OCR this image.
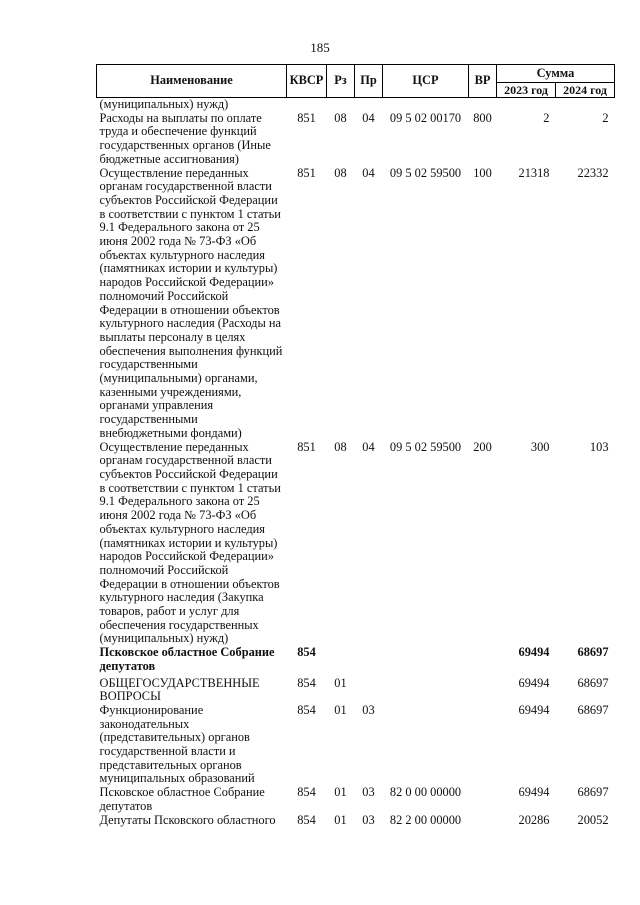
185
Наименование	КВСР	Рз	Пр	ЦСР	ВР	Сумма	
						2023 год	2024 год
(муниципальных) нужд)							
Расходы на выплаты по оплате труда и обеспечение функций государственных органов (Иные бюджетные ассигнования)	851	08	04	09 5 02 00170	800	2	2
Осуществление переданных органам государственной власти субъектов Российской Федерации в соответствии с пунктом 1 статьи 9.1 Федерального закона от 25 июня 2002 года № 73-ФЗ «Об объектах культурного наследия (памятниках истории и культуры) народов Российской Федерации» полномочий Российской Федерации в отношении объектов культурного наследия (Расходы на выплаты персоналу в целях обеспечения выполнения функций государственными (муниципальными) органами, казенными учреждениями, органами управления государственными внебюджетными фондами)	851	08	04	09 5 02 59500	100	21318	22332
Осуществление переданных органам государственной власти субъектов Российской Федерации в соответствии с пунктом 1 статьи 9.1 Федерального закона от 25 июня 2002 года № 73-ФЗ «Об объектах культурного наследия (памятниках истории и культуры) народов Российской Федерации» полномочий Российской Федерации в отношении объектов культурного наследия (Закупка товаров, работ и услуг для обеспечения государственных (муниципальных) нужд)	851	08	04	09 5 02 59500	200	300	103
Псковское областное Собрание депутатов	854					69494	68697
ОБЩЕГОСУДАРСТВЕННЫЕ ВОПРОСЫ	854	01				69494	68697
Функционирование законодательных (представительных) органов государственной власти и представительных органов муниципальных образований	854	01	03			69494	68697
Псковское областное Собрание депутатов	854	01	03	82 0 00 00000		69494	68697
Депутаты Псковского областного	854	01	03	82 2 00 00000		20286	20052
